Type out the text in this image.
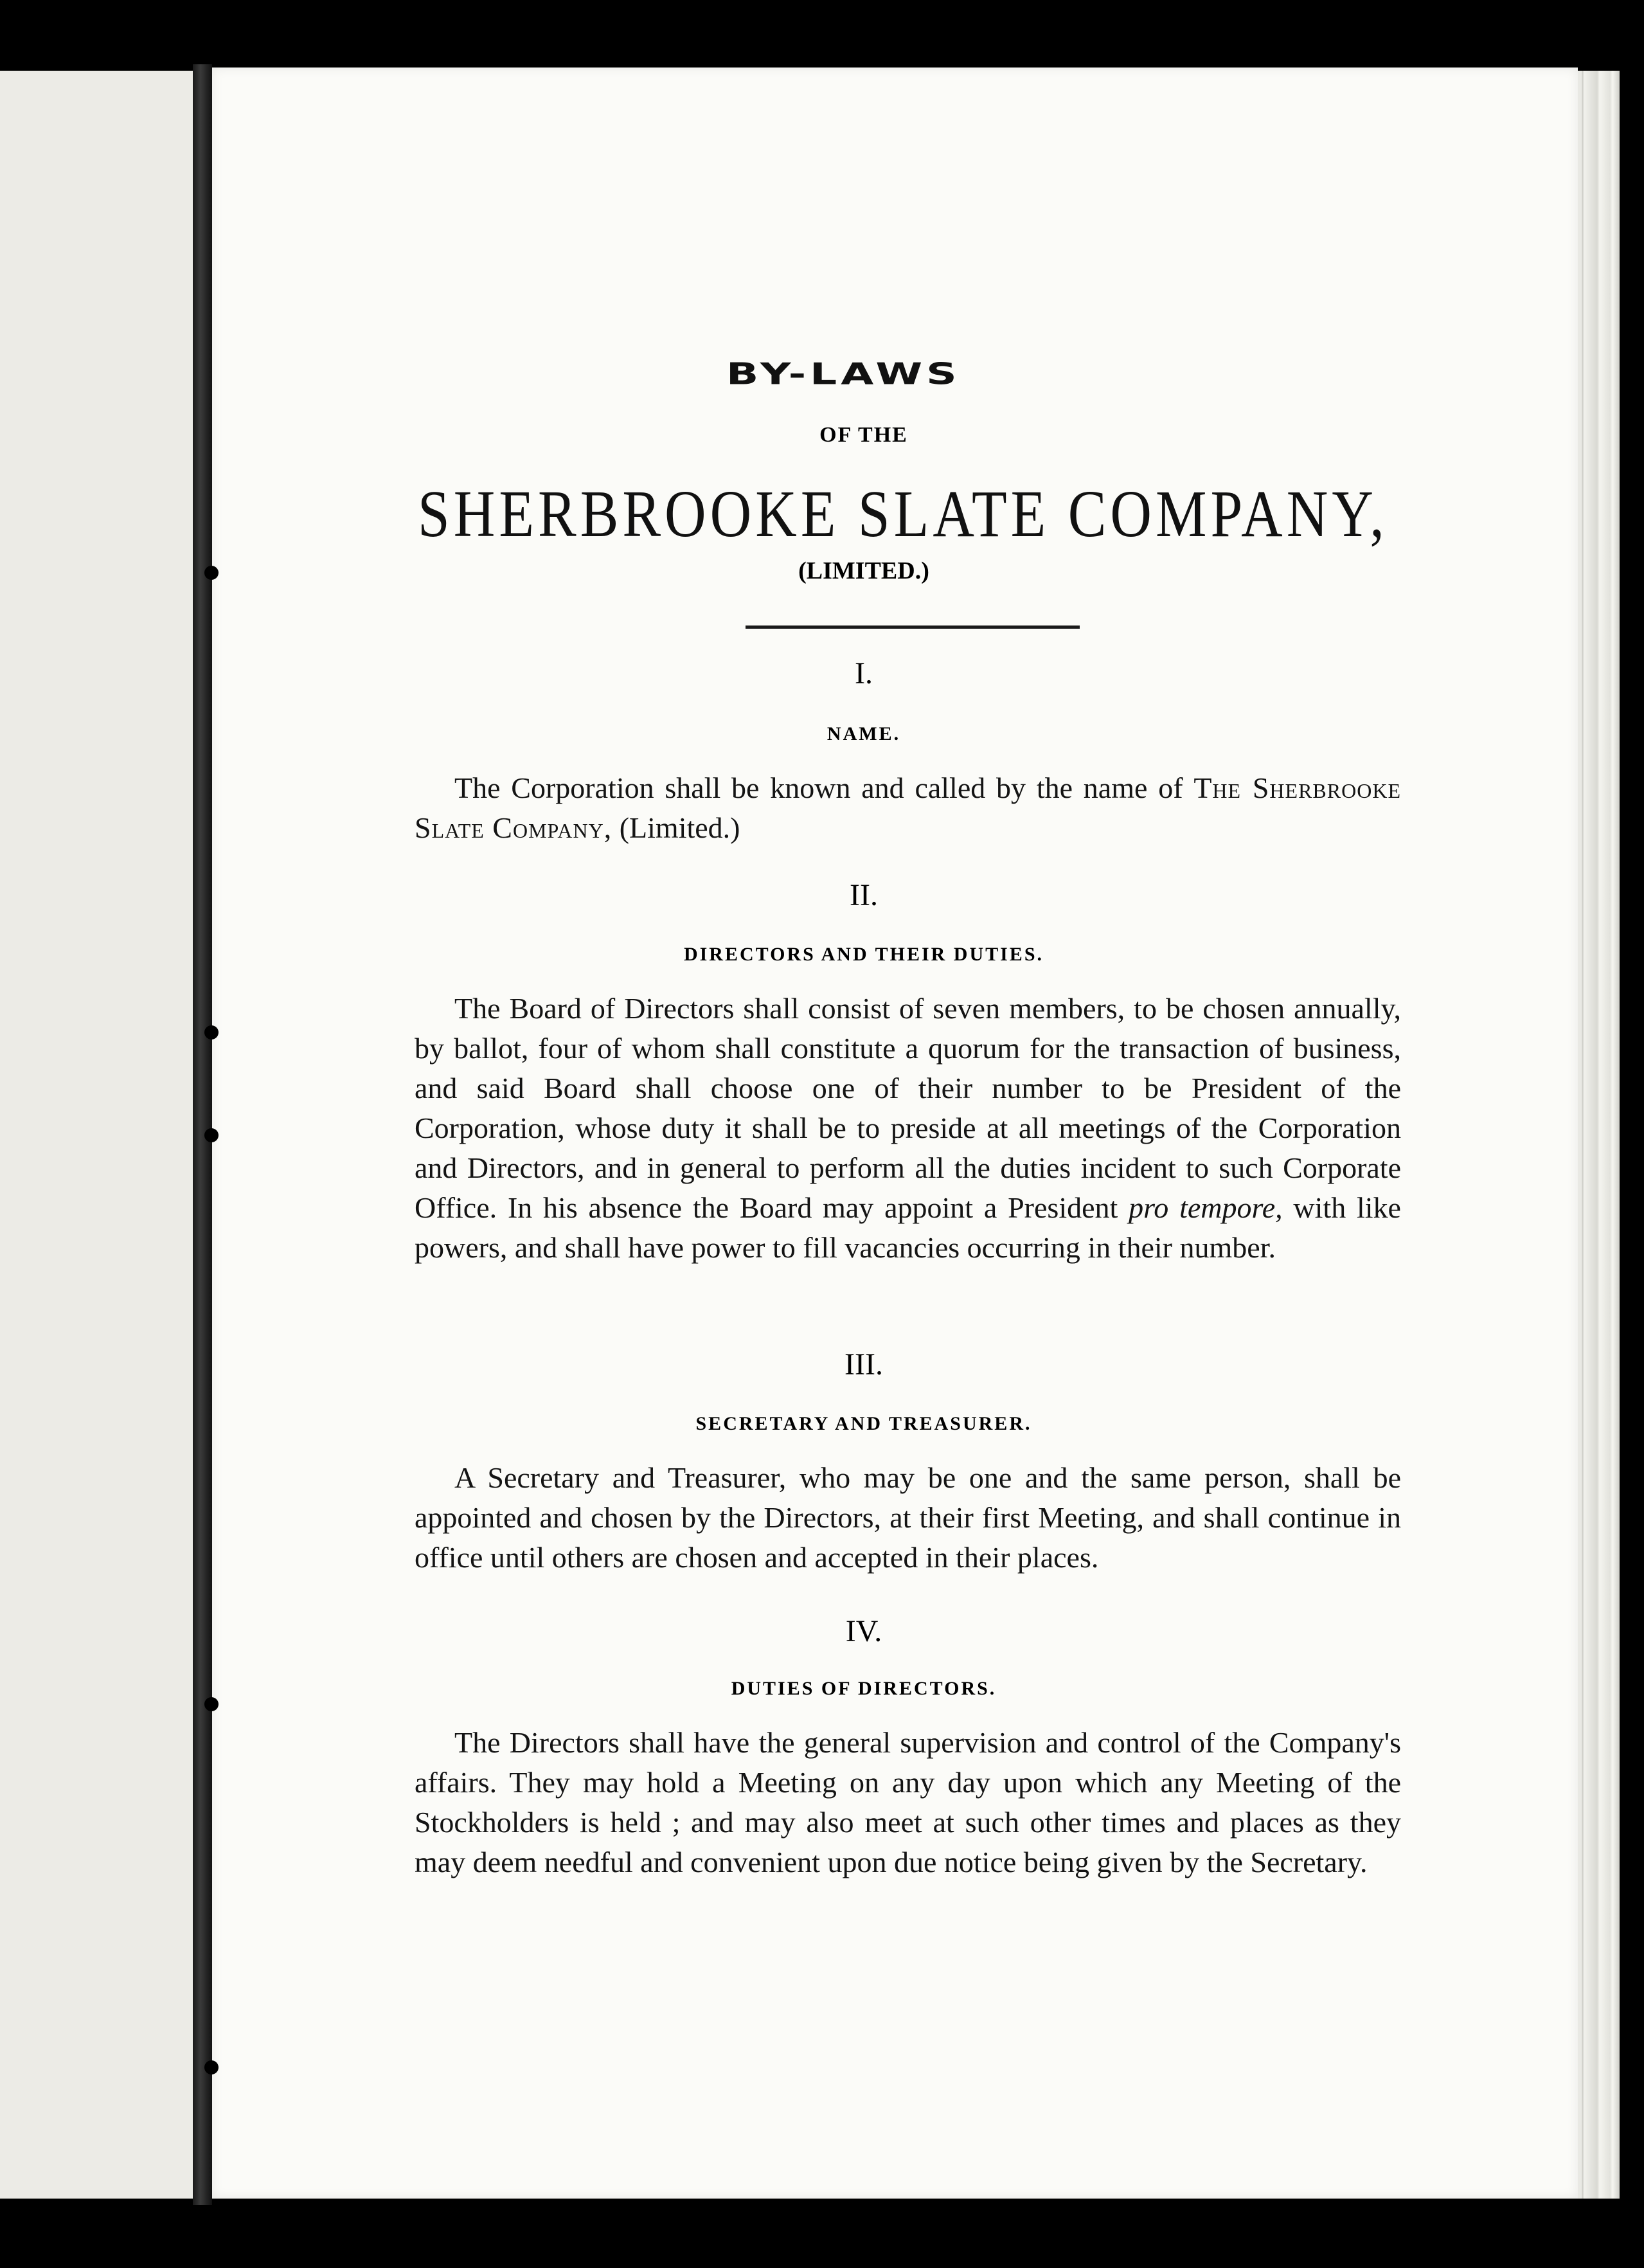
BY-LAWS
OF THE
SHERBROOKE SLATE COMPANY,
(LIMITED.)
I.
NAME.
The Corporation shall be known and called by the name of The Sherbrooke Slate Company, (Limited.)
II.
DIRECTORS AND THEIR DUTIES.
The Board of Directors shall consist of seven members, to be chosen annually, by ballot, four of whom shall constitute a quorum for the transaction of business, and said Board shall choose one of their number to be President of the Corporation, whose duty it shall be to preside at all meetings of the Corporation and Directors, and in general to perform all the duties incident to such Corporate Office. In his absence the Board may appoint a President pro tempore, with like powers, and shall have power to fill vacancies occurring in their number.
III.
SECRETARY AND TREASURER.
A Secretary and Treasurer, who may be one and the same person, shall be appointed and chosen by the Directors, at their first Meeting, and shall continue in office until others are chosen and accepted in their places.
IV.
DUTIES OF DIRECTORS.
The Directors shall have the general supervision and control of the Company's affairs. They may hold a Meeting on any day upon which any Meeting of the Stockholders is held ; and may also meet at such other times and places as they may deem needful and convenient upon due notice being given by the Secretary.
